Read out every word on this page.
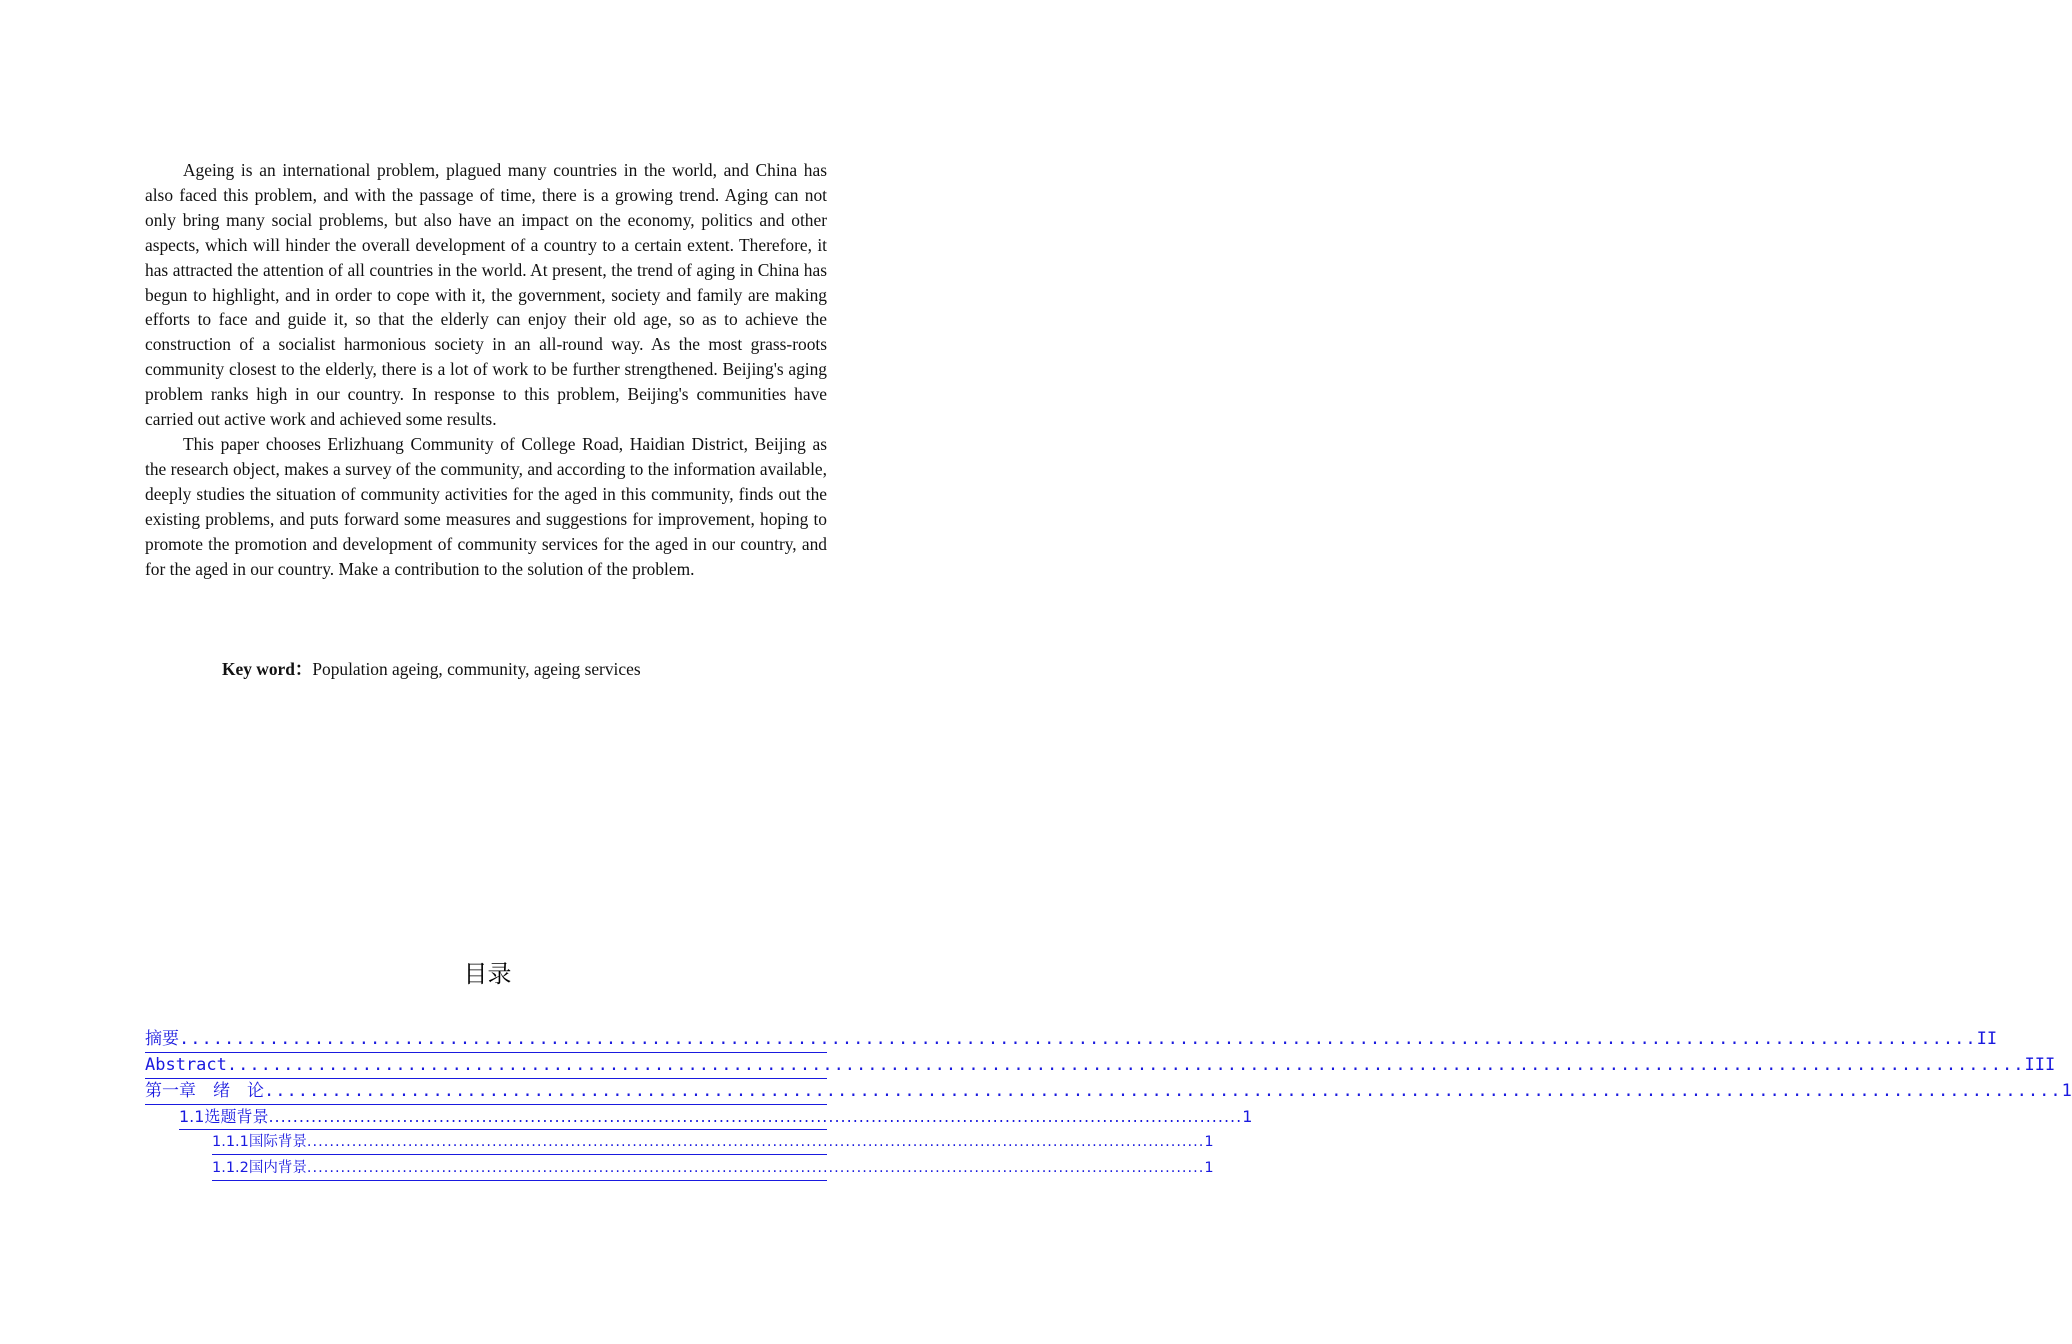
Ageing is an international problem, plagued many countries in the world, and China has also faced this problem, and with the passage of time, there is a growing trend. Aging can not only bring many social problems, but also have an impact on the economy, politics and other aspects, which will hinder the overall development of a country to a certain extent. Therefore, it has attracted the attention of all countries in the world. At present, the trend of aging in China has begun to highlight, and in order to cope with it, the government, society and family are making efforts to face and guide it, so that the elderly can enjoy their old age, so as to achieve the construction of a socialist harmonious society in an all-round way. As the most grass-roots community closest to the elderly, there is a lot of work to be further strengthened. Beijing's aging problem ranks high in our country. In response to this problem, Beijing's communities have carried out active work and achieved some results.

This paper chooses Erlizhuang Community of College Road, Haidian District, Beijing as the research object, makes a survey of the community, and according to the information available, deeply studies the situation of community activities for the aged in this community, finds out the existing problems, and puts forward some measures and suggestions for improvement, hoping to promote the promotion and development of community services for the aged in our country, and for the aged in our country. Make a contribution to the solution of the problem.

Key word：Population ageing, community, ageing services
目录
摘要 ................................................................................................................................................................ II
Abstract ................................................................................................................................................................ III
第一章　绪　论 ................................................................................................................................................................ 1
1.1选题背景 ................................................................................................................................................................ 1
1.1.1国际背景 ................................................................................................................................................................ 1
1.1.2国内背景 ................................................................................................................................................................ 1
